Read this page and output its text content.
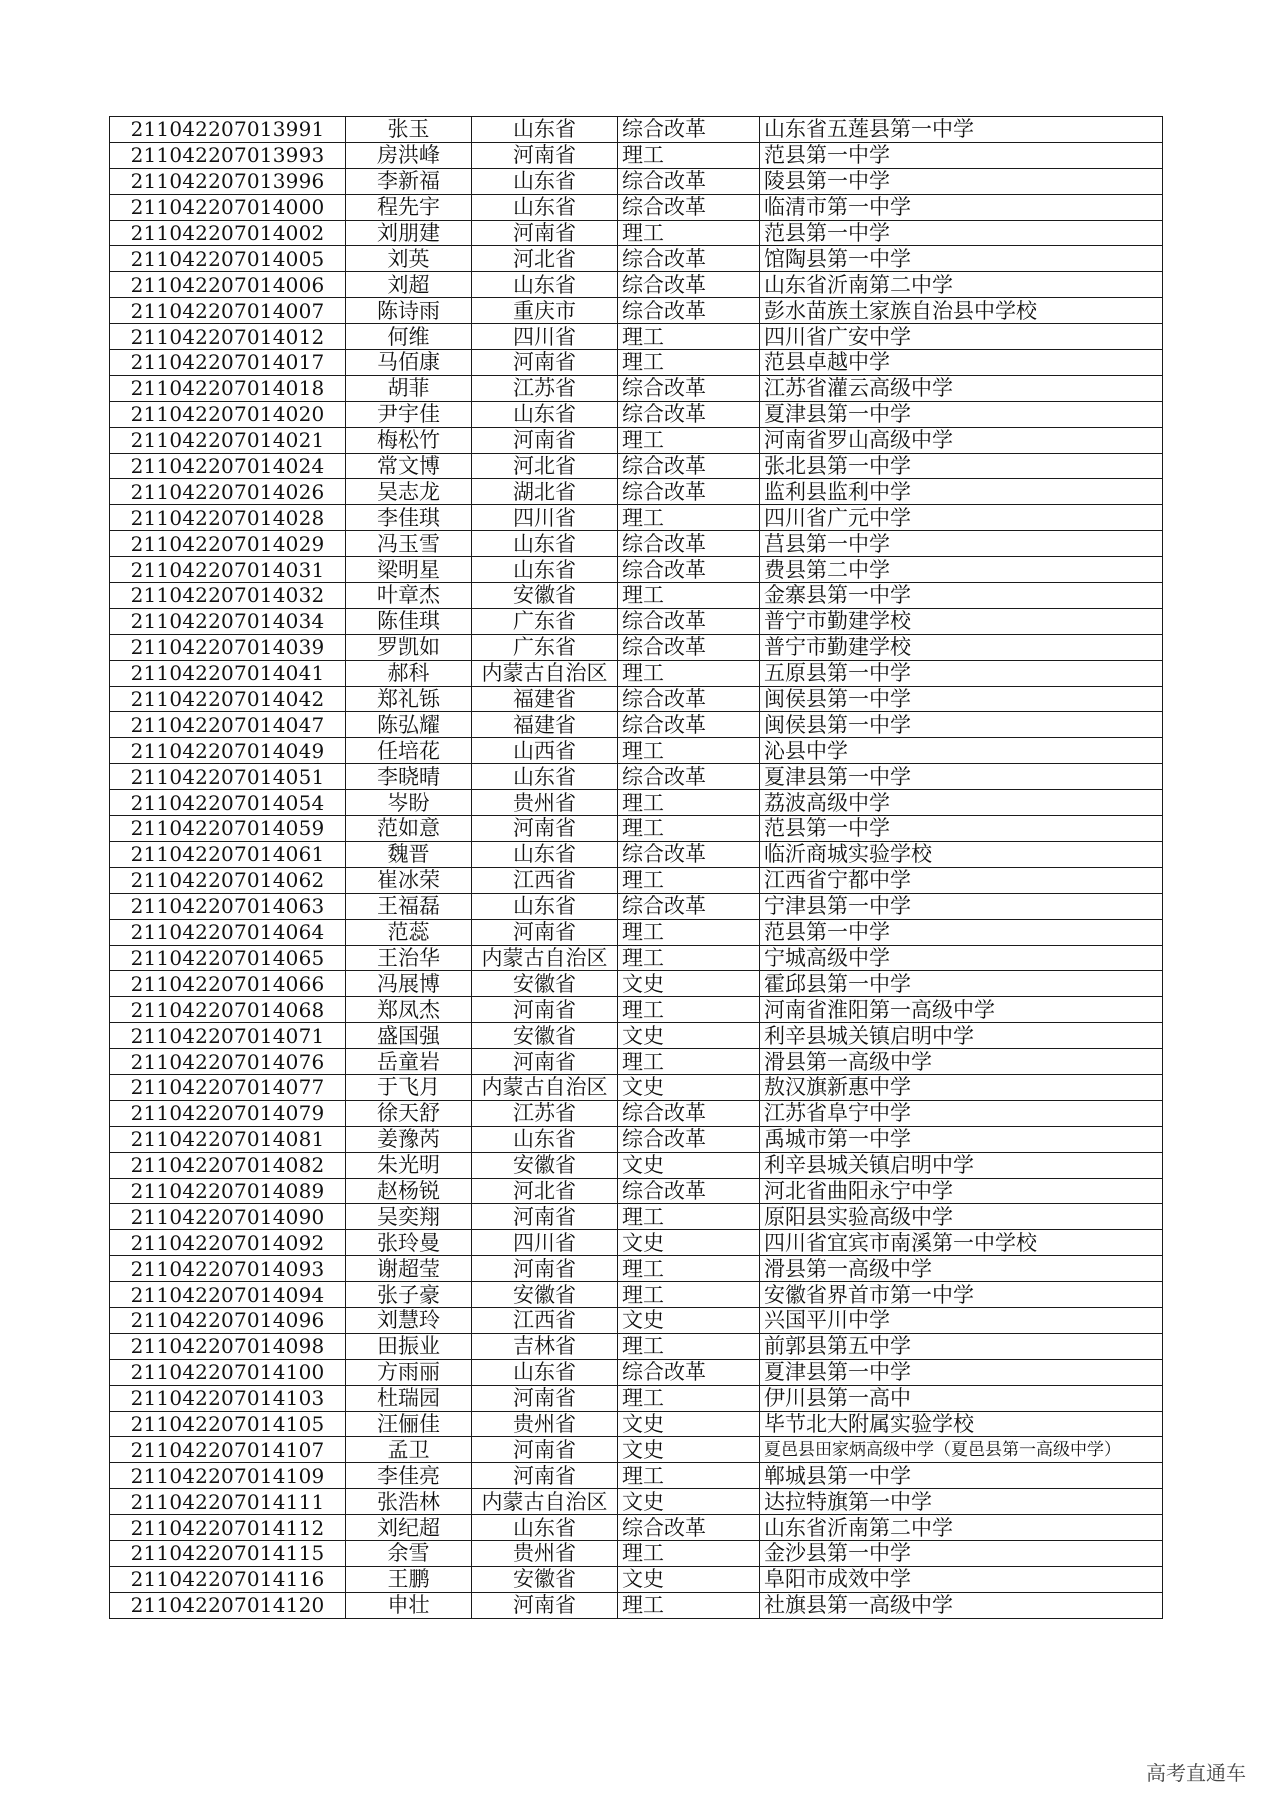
211042207013991	张玉	山东省	综合改革	山东省五莲县第一中学
211042207013993	房洪峰	河南省	理工	范县第一中学
211042207013996	李新福	山东省	综合改革	陵县第一中学
211042207014000	程先宇	山东省	综合改革	临清市第一中学
211042207014002	刘朋建	河南省	理工	范县第一中学
211042207014005	刘英	河北省	综合改革	馆陶县第一中学
211042207014006	刘超	山东省	综合改革	山东省沂南第二中学
211042207014007	陈诗雨	重庆市	综合改革	彭水苗族土家族自治县中学校
211042207014012	何维	四川省	理工	四川省广安中学
211042207014017	马佰康	河南省	理工	范县卓越中学
211042207014018	胡菲	江苏省	综合改革	江苏省灌云高级中学
211042207014020	尹宇佳	山东省	综合改革	夏津县第一中学
211042207014021	梅松竹	河南省	理工	河南省罗山高级中学
211042207014024	常文博	河北省	综合改革	张北县第一中学
211042207014026	吴志龙	湖北省	综合改革	监利县监利中学
211042207014028	李佳琪	四川省	理工	四川省广元中学
211042207014029	冯玉雪	山东省	综合改革	莒县第一中学
211042207014031	梁明星	山东省	综合改革	费县第二中学
211042207014032	叶章杰	安徽省	理工	金寨县第一中学
211042207014034	陈佳琪	广东省	综合改革	普宁市勤建学校
211042207014039	罗凯如	广东省	综合改革	普宁市勤建学校
211042207014041	郝科	内蒙古自治区	理工	五原县第一中学
211042207014042	郑礼铄	福建省	综合改革	闽侯县第一中学
211042207014047	陈弘耀	福建省	综合改革	闽侯县第一中学
211042207014049	任培花	山西省	理工	沁县中学
211042207014051	李晓晴	山东省	综合改革	夏津县第一中学
211042207014054	岑盼	贵州省	理工	荔波高级中学
211042207014059	范如意	河南省	理工	范县第一中学
211042207014061	魏晋	山东省	综合改革	临沂商城实验学校
211042207014062	崔冰荣	江西省	理工	江西省宁都中学
211042207014063	王福磊	山东省	综合改革	宁津县第一中学
211042207014064	范蕊	河南省	理工	范县第一中学
211042207014065	王治华	内蒙古自治区	理工	宁城高级中学
211042207014066	冯展博	安徽省	文史	霍邱县第一中学
211042207014068	郑凤杰	河南省	理工	河南省淮阳第一高级中学
211042207014071	盛国强	安徽省	文史	利辛县城关镇启明中学
211042207014076	岳童岩	河南省	理工	滑县第一高级中学
211042207014077	于飞月	内蒙古自治区	文史	敖汉旗新惠中学
211042207014079	徐天舒	江苏省	综合改革	江苏省阜宁中学
211042207014081	姜豫芮	山东省	综合改革	禹城市第一中学
211042207014082	朱光明	安徽省	文史	利辛县城关镇启明中学
211042207014089	赵杨锐	河北省	综合改革	河北省曲阳永宁中学
211042207014090	吴奕翔	河南省	理工	原阳县实验高级中学
211042207014092	张玲曼	四川省	文史	四川省宜宾市南溪第一中学校
211042207014093	谢超莹	河南省	理工	滑县第一高级中学
211042207014094	张子豪	安徽省	理工	安徽省界首市第一中学
211042207014096	刘慧玲	江西省	文史	兴国平川中学
211042207014098	田振业	吉林省	理工	前郭县第五中学
211042207014100	方雨丽	山东省	综合改革	夏津县第一中学
211042207014103	杜瑞园	河南省	理工	伊川县第一高中
211042207014105	汪俪佳	贵州省	文史	毕节北大附属实验学校
211042207014107	孟卫	河南省	文史	夏邑县田家炳高级中学（夏邑县第一高级中学）
211042207014109	李佳亮	河南省	理工	郸城县第一中学
211042207014111	张浩林	内蒙古自治区	文史	达拉特旗第一中学
211042207014112	刘纪超	山东省	综合改革	山东省沂南第二中学
211042207014115	余雪	贵州省	理工	金沙县第一中学
211042207014116	王鹏	安徽省	文史	阜阳市成效中学
211042207014120	申壮	河南省	理工	社旗县第一高级中学
高考直通车
